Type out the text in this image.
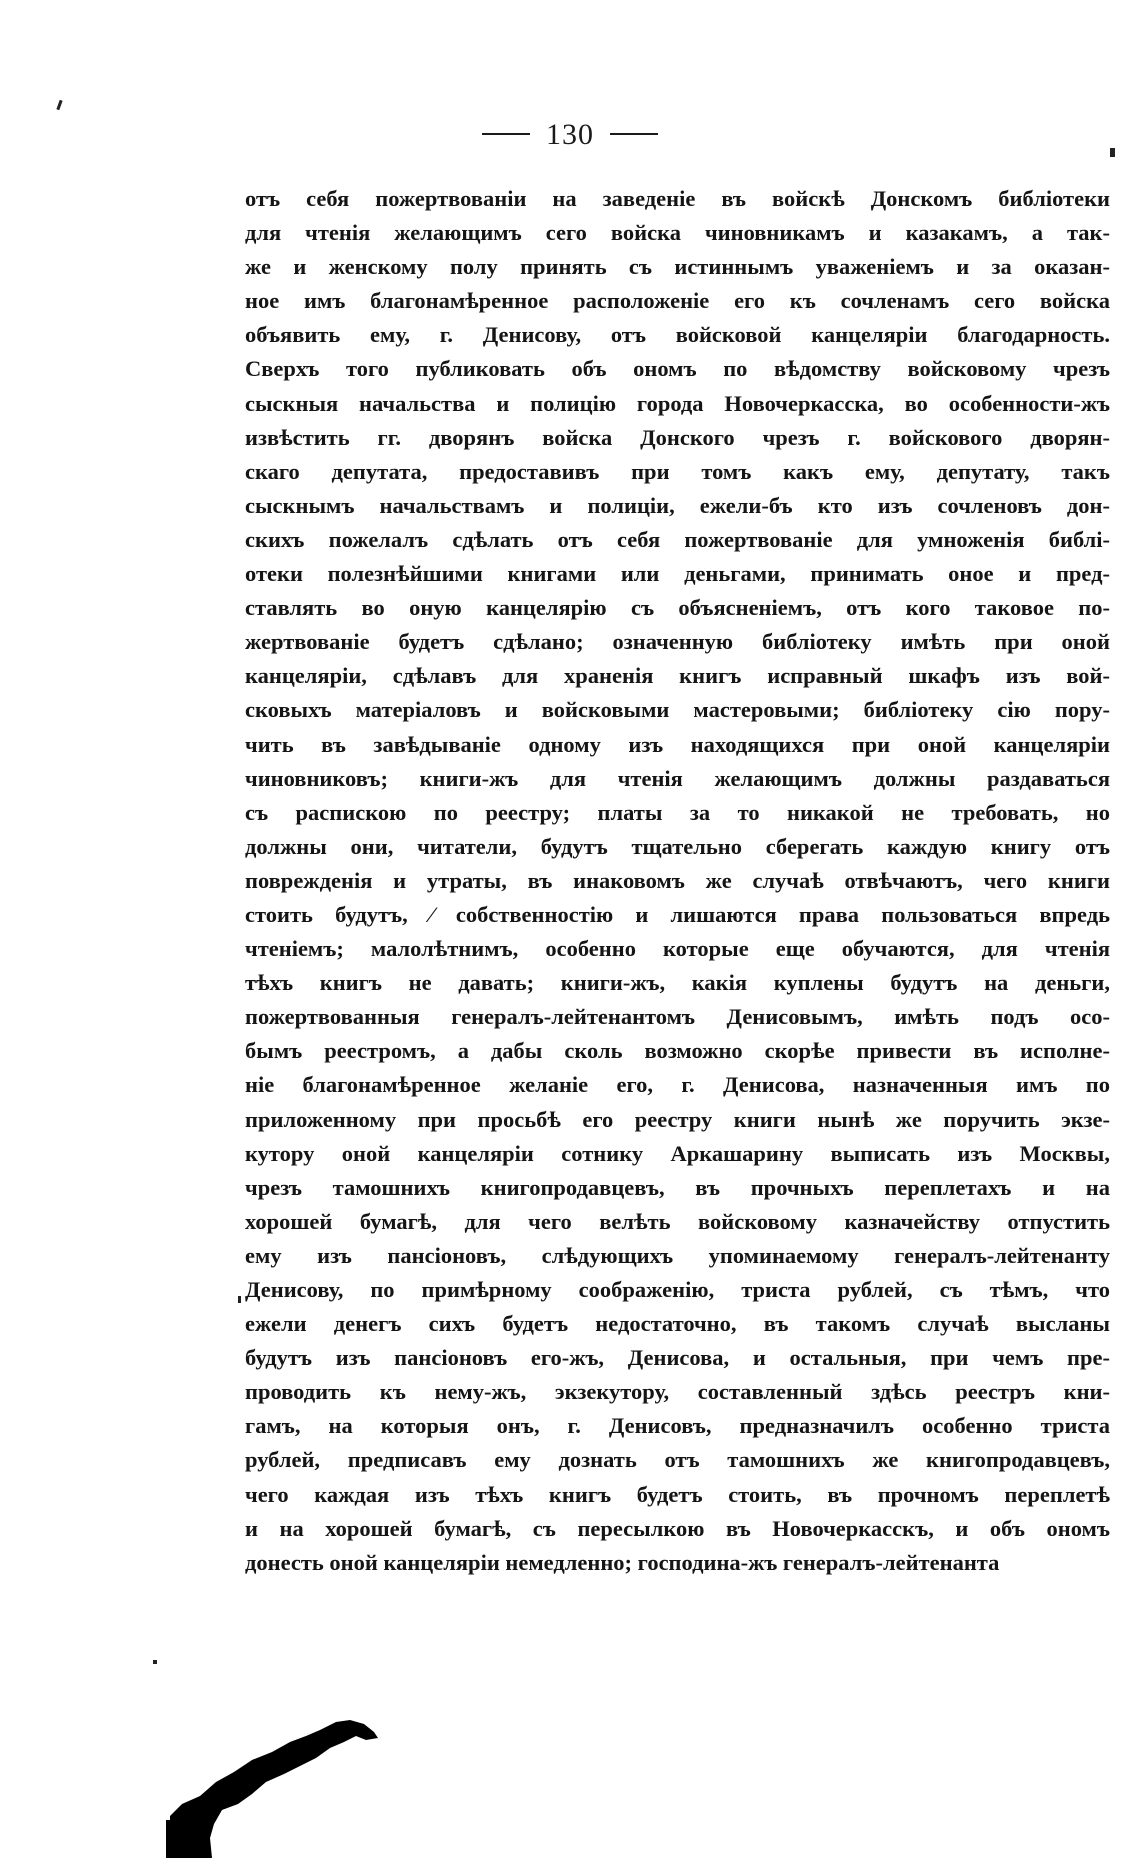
130
отъ себя пожертвованіи на заведеніе въ войскѣ Донскомъ библіотеки
для чтенія желающимъ сего войска чиновникамъ и казакамъ, а так-
же и женскому полу принять съ истиннымъ уваженіемъ и за оказан-
ное имъ благонамѣренное расположеніе его къ сочленамъ сего войска
объявить ему, г. Денисову, отъ войсковой канцеляріи благодарность.
Сверхъ того публиковать объ ономъ по вѣдомству войсковому чрезъ
сыскныя начальства и полицію города Новочеркасска, во особенности-жъ
извѣстить гг. дворянъ войска Донского чрезъ г. войскового дворян-
скаго депутата, предоставивъ при томъ какъ ему, депутату, такъ
сыскнымъ начальствамъ и полиціи, ежели-бъ кто изъ сочленовъ дон-
скихъ пожелалъ сдѣлать отъ себя пожертвованіе для умноженія библі-
отеки полезнѣйшими книгами или деньгами, принимать оное и пред-
ставлять во оную канцелярію съ объясненіемъ, отъ кого таковое по-
жертвованіе будетъ сдѣлано; означенную библіотеку имѣть при оной
канцеляріи, сдѣлавъ для храненія книгъ исправный шкафъ изъ вой-
сковыхъ матеріаловъ и войсковыми мастеровыми; библіотеку сію пору-
чить въ завѣдываніе одному изъ находящихся при оной канцеляріи
чиновниковъ; книги-жъ для чтенія желающимъ должны раздаваться
съ распискою по реестру; платы за то никакой не требовать, но
должны они, читатели, будутъ тщательно сберегать каждую книгу отъ
поврежденія и утраты, въ инаковомъ же случаѣ отвѣчаютъ, чего книги
стоить будутъ, ⁄ собственностію и лишаются права пользоваться впредь
чтеніемъ; малолѣтнимъ, особенно которые еще обучаются, для чтенія
тѣхъ книгъ не давать; книги-жъ, какія куплены будутъ на деньги,
пожертвованныя генералъ-лейтенантомъ Денисовымъ, имѣть подъ осо-
бымъ реестромъ, а дабы сколь возможно скорѣе привести въ исполне-
ніе благонамѣренное желаніе его, г. Денисова, назначенныя имъ по
приложенному при просьбѣ его реестру книги нынѣ же поручить экзе-
кутору оной канцеляріи сотнику Аркашарину выписать изъ Москвы,
чрезъ тамошнихъ книгопродавцевъ, въ прочныхъ переплетахъ и на
хорошей бумагѣ, для чего велѣть войсковому казначейству отпустить
ему изъ пансіоновъ, слѣдующихъ упоминаемому генералъ-лейтенанту
Денисову, по примѣрному соображенію, триста рублей, съ тѣмъ, что
ежели денегъ сихъ будетъ недостаточно, въ такомъ случаѣ высланы
будутъ изъ пансіоновъ его-жъ, Денисова, и остальныя, при чемъ пре-
проводить къ нему-жъ, экзекутору, составленный здѣсь реестръ кни-
гамъ, на которыя онъ, г. Денисовъ, предназначилъ особенно триста
рублей, предписавъ ему дознать отъ тамошнихъ же книгопродавцевъ,
чего каждая изъ тѣхъ книгъ будетъ стоить, въ прочномъ переплетѣ
и на хорошей бумагѣ, съ пересылкою въ Новочеркасскъ, и объ ономъ
донесть оной канцеляріи немедленно; господина-жъ генералъ-лейтенанта
